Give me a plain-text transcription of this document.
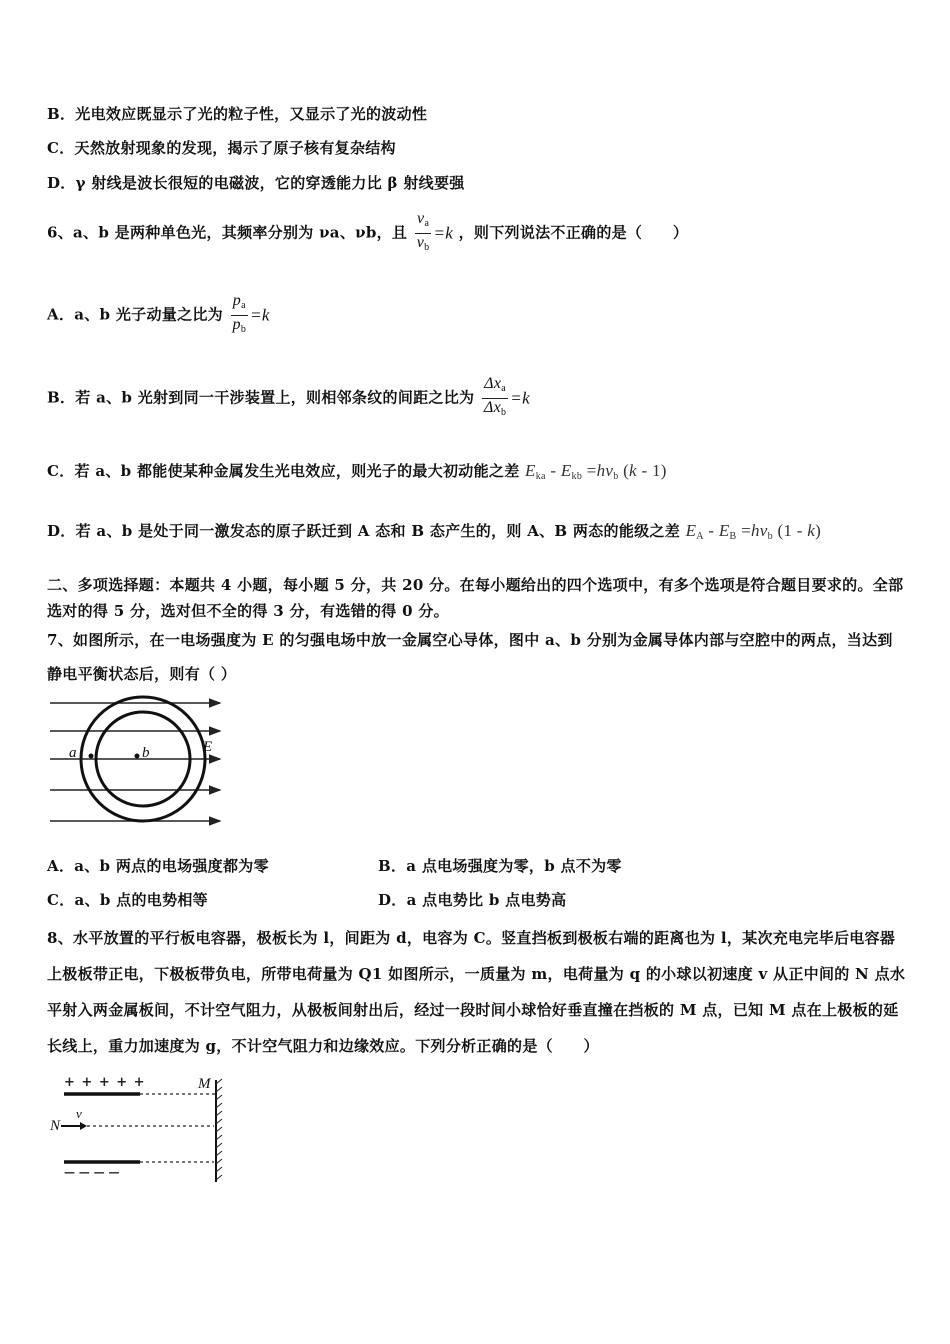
B．光电效应既显示了光的粒子性，又显示了光的波动性
C．天然放射现象的发现，揭示了原子核有复杂结构
D．γ 射线是波长很短的电磁波，它的穿透能力比 β 射线要强
6、a、b 是两种单色光，其频率分别为 νa、νb，且 $\frac{\nu_a}{\nu_b} =k$ ，则下列说法不正确的是（　　）
A．a、b 光子动量之比为 $\frac{p_a}{p_b} =k$
B．若 a、b 光射到同一干涉装置上，则相邻条纹的间距之比为 $\frac{\Delta x_a}{\Delta x_b} =k$
C．若 a、b 都能使某种金属发生光电效应，则光子的最大初动能之差 $E_{ka} - E_{kb} =h\nu_b$ (k - 1)
D．若 a、b 是处于同一激发态的原子跃迁到 A 态和 B 态产生的，则 A、B 两态的能级之差 $E_A - E_B =h\nu_b$ (1 - k)
二、多项选择题：本题共 4 小题，每小题 5 分，共 20 分。在每小题给出的四个选项中，有多个选项是符合题目要求的。全部选对的得 5 分，选对但不全的得 3 分，有选错的得 0 分。
7、如图所示，在一电场强度为 E 的匀强电场中放一金属空心导体，图中 a、b 分别为金属导体内部与空腔中的两点，当达到静电平衡状态后，则有（ ）
a	b	E
A．a、b 两点的电场强度都为零	B．a 点电场强度为零，b 点不为零
C．a、b 点的电势相等	D．a 点电势比 b 点电势高
8、水平放置的平行板电容器，极板长为 l，间距为 d，电容为 C。竖直挡板到极板右端的距离也为 l，某次充电完毕后电容器上极板带正电，下极板带负电，所带电荷量为 Q1 如图所示，一质量为 m，电荷量为 q 的小球以初速度 v 从正中间的 N 点水平射入两金属板间，不计空气阻力，从极板间射出后，经过一段时间小球恰好垂直撞在挡板的 M 点，已知 M 点在上极板的延长线上，重力加速度为 g，不计空气阻力和边缘效应。下列分析正确的是（　　）
+ + + + +	M
N
v
— — — —
